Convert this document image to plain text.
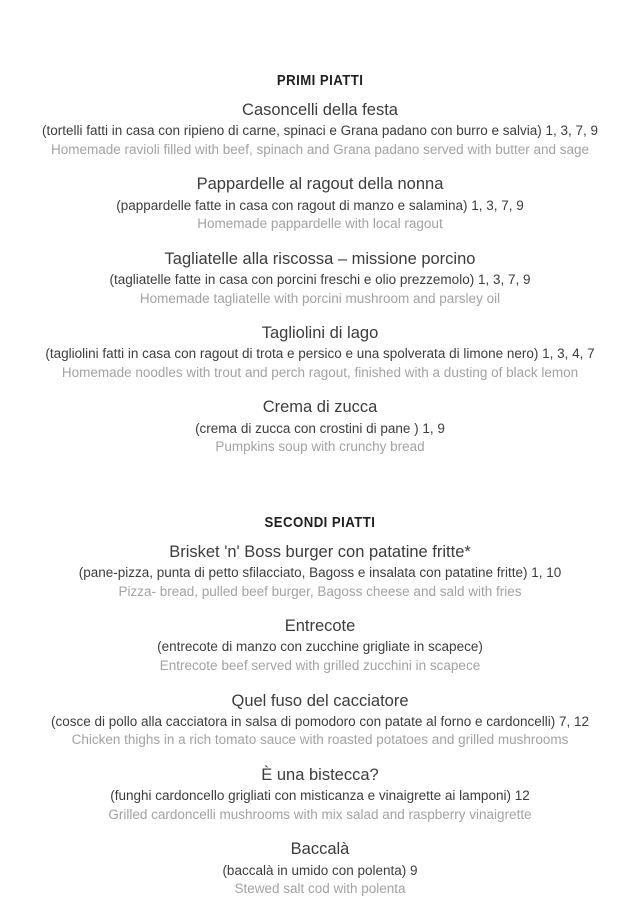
PRIMI PIATTI
Casoncelli della festa
(tortelli fatti in casa con ripieno di carne, spinaci e Grana padano con burro e salvia) 1, 3, 7, 9
Homemade ravioli filled with beef, spinach and Grana padano served with butter and sage
Pappardelle al ragout della nonna
(pappardelle fatte in casa con ragout di manzo e salamina) 1, 3, 7, 9
Homemade pappardelle with local ragout
Tagliatelle alla riscossa – missione porcino
(tagliatelle fatte in casa con porcini freschi e olio prezzemolo) 1, 3, 7, 9
Homemade tagliatelle with porcini mushroom and parsley oil
Tagliolini di lago
(tagliolini fatti in casa con ragout di trota e persico e una spolverata di limone nero) 1, 3, 4, 7
Homemade noodles with trout and perch ragout, finished with a dusting of black lemon
Crema di zucca
(crema di zucca con crostini di pane ) 1, 9
Pumpkins soup with crunchy bread
SECONDI PIATTI
Brisket 'n' Boss burger con patatine fritte*
(pane-pizza, punta di petto sfilacciato, Bagoss e insalata con patatine fritte) 1, 10
Pizza- bread, pulled beef burger, Bagoss cheese and sald with fries
Entrecote
(entrecote di manzo con zucchine grigliate in scapece)
Entrecote beef served with grilled zucchini in scapece
Quel fuso del cacciatore
(cosce di pollo alla cacciatora in salsa di pomodoro con patate al forno e cardoncelli) 7, 12
Chicken thighs in a rich tomato sauce with roasted potatoes and grilled mushrooms
È una bistecca?
(funghi cardoncello grigliati con misticanza e vinaigrette ai lamponi) 12
Grilled cardoncelli mushrooms with mix salad and raspberry vinaigrette
Baccalà
(baccalà in umido con polenta) 9
Stewed salt cod with polenta
